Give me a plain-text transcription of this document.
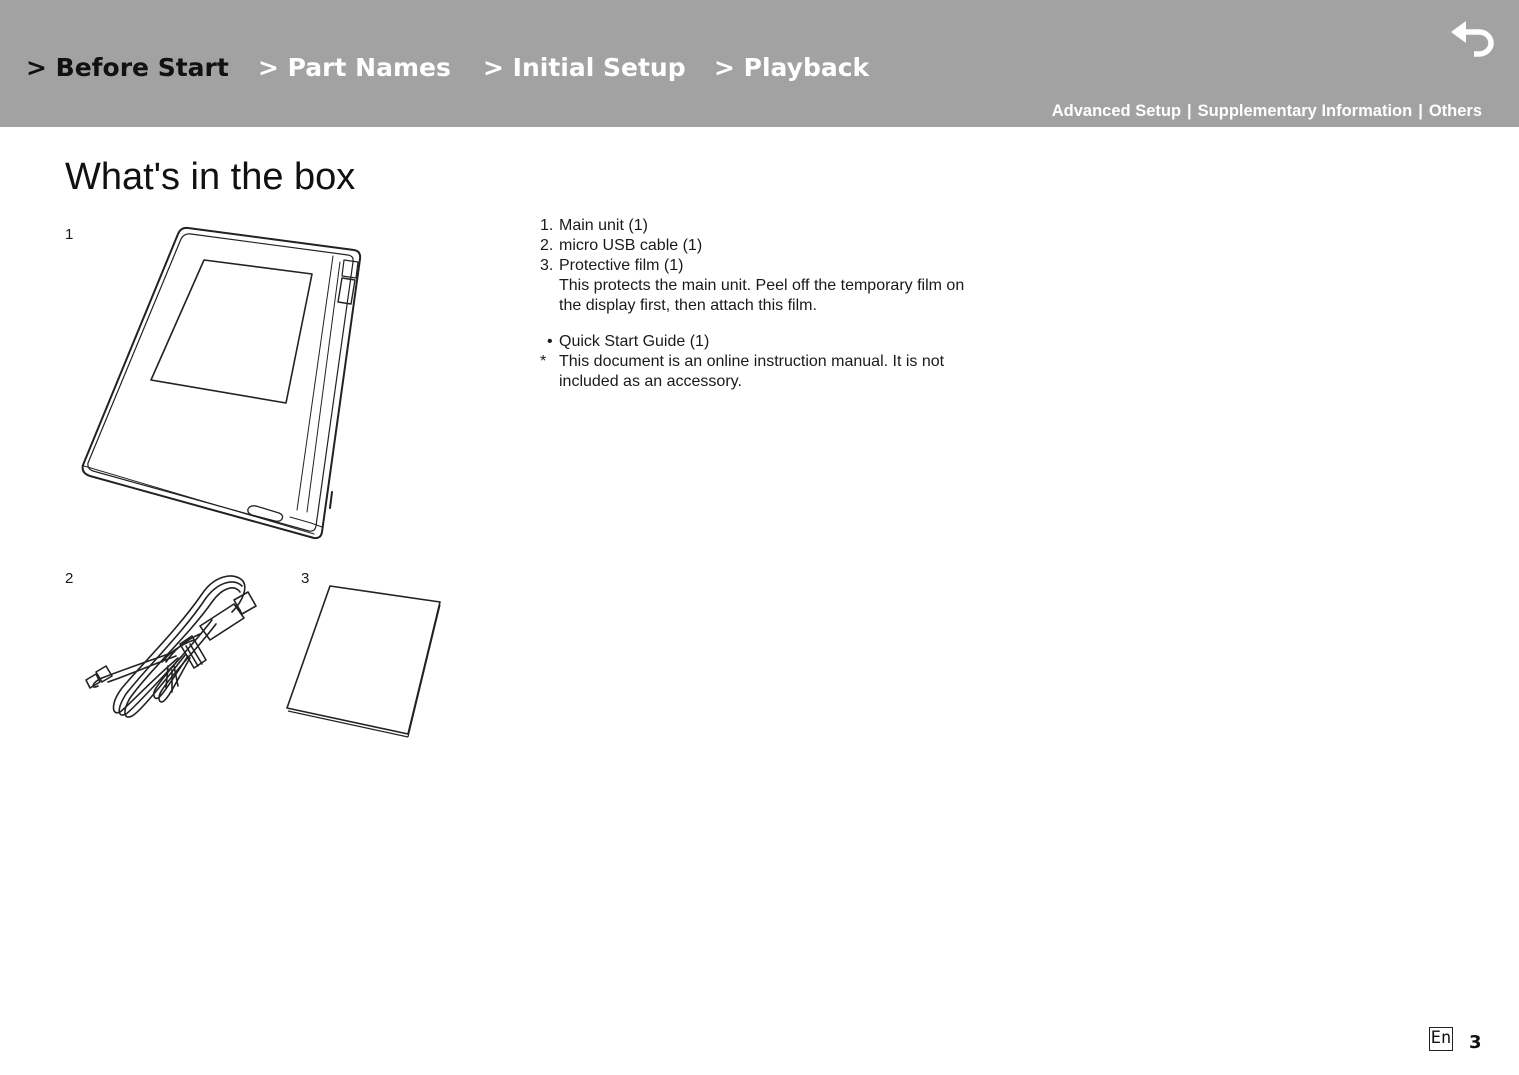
> Before Start > Part Names > Initial Setup > Playback
Advanced Setup | Supplementary Information | Others
What's in the box
1
2	3
1. Main unit (1)
2. micro USB cable (1)
3. Protective film (1)
This protects the main unit. Peel off the temporary film on the display first, then attach this film.
• Quick Start Guide (1)
* This document is an online instruction manual. It is not included as an accessory.
En 3
